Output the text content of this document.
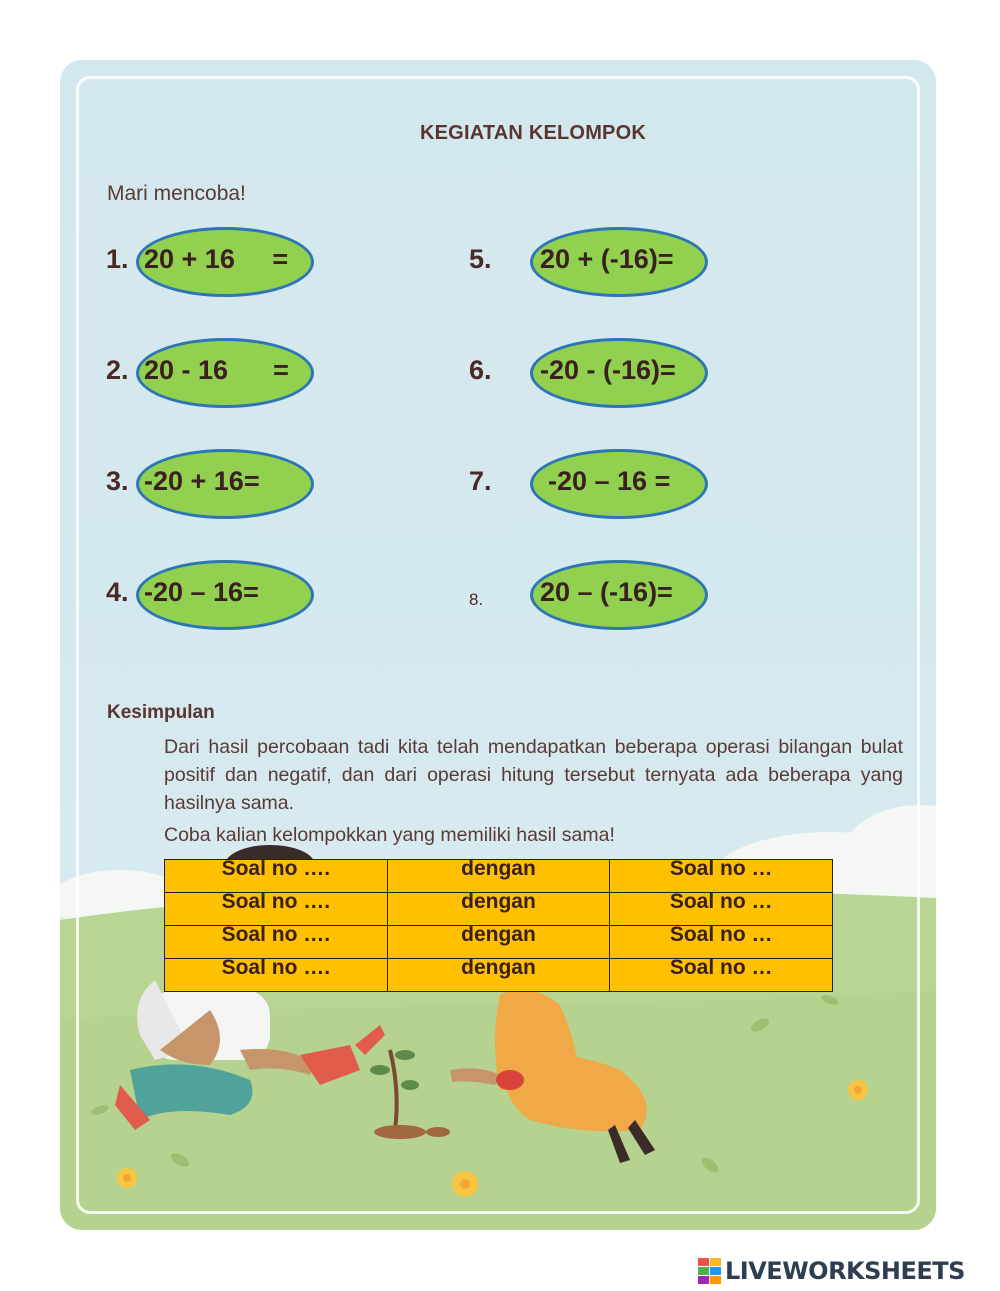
KEGIATAN KELOMPOK
Mari mencoba!
1. 20 + 16     =
2. 20 - 16      =
3. -20 + 16=
4. -20 – 16=
5. 20 + (-16)=
6. -20 - (-16)=
7. -20 – 16 =
8. 20 – (-16)=
Kesimpulan
Dari hasil percobaan tadi kita telah mendapatkan beberapa operasi bilangan bulat positif dan negatif, dan dari operasi hitung tersebut ternyata ada beberapa yang hasilnya sama.
Coba kalian kelompokkan yang memiliki hasil sama!
Soal no ….	dengan	Soal no …
Soal no ….	dengan	Soal no …
Soal no ….	dengan	Soal no …
Soal no ….	dengan	Soal no …
LIVEWORKSHEETS
